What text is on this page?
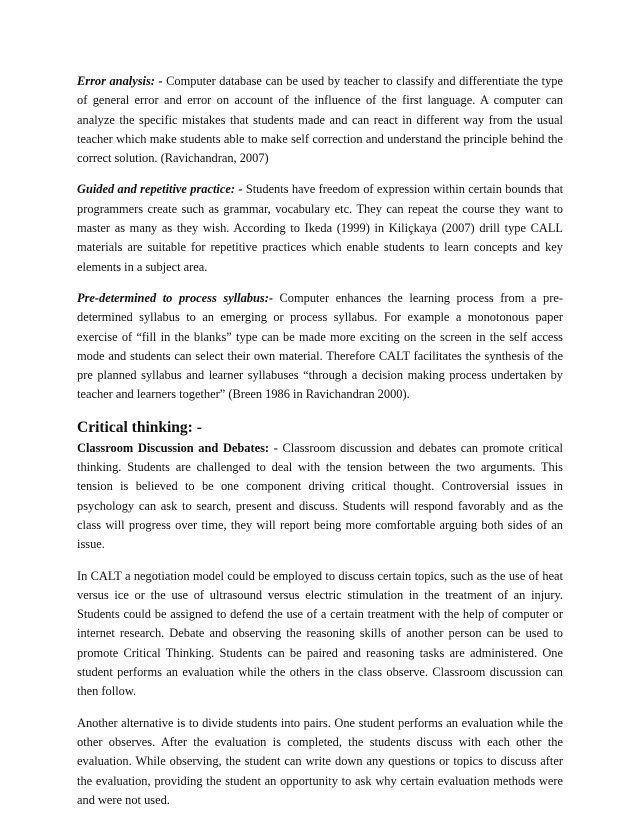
Error analysis: - Computer database can be used by teacher to classify and differentiate the type of general error and error on account of the influence of the first language. A computer can analyze the specific mistakes that students made and can react in different way from the usual teacher which make students able to make self correction and understand the principle behind the correct solution. (Ravichandran, 2007)

Guided and repetitive practice: - Students have freedom of expression within certain bounds that programmers create such as grammar, vocabulary etc. They can repeat the course they want to master as many as they wish. According to Ikeda (1999) in Kiliçkaya (2007) drill type CALL materials are suitable for repetitive practices which enable students to learn concepts and key elements in a subject area.

Pre-determined to process syllabus:- Computer enhances the learning process from a pre-determined syllabus to an emerging or process syllabus. For example a monotonous paper exercise of “fill in the blanks” type can be made more exciting on the screen in the self access mode and students can select their own material. Therefore CALT facilitates the synthesis of the pre planned syllabus and learner syllabuses “through a decision making process undertaken by teacher and learners together” (Breen 1986 in Ravichandran 2000).

Critical thinking: -

Classroom Discussion and Debates: - Classroom discussion and debates can promote critical thinking. Students are challenged to deal with the tension between the two arguments. This tension is believed to be one component driving critical thought. Controversial issues in psychology can ask to search, present and discuss. Students will respond favorably and as the class will progress over time, they will report being more comfortable arguing both sides of an issue.

In CALT a negotiation model could be employed to discuss certain topics, such as the use of heat versus ice or the use of ultrasound versus electric stimulation in the treatment of an injury. Students could be assigned to defend the use of a certain treatment with the help of computer or internet research. Debate and observing the reasoning skills of another person can be used to promote Critical Thinking. Students can be paired and reasoning tasks are administered. One student performs an evaluation while the others in the class observe. Classroom discussion can then follow.

Another alternative is to divide students into pairs. One student performs an evaluation while the other observes. After the evaluation is completed, the students discuss with each other the evaluation. While observing, the student can write down any questions or topics to discuss after the evaluation, providing the student an opportunity to ask why certain evaluation methods were and were not used.
